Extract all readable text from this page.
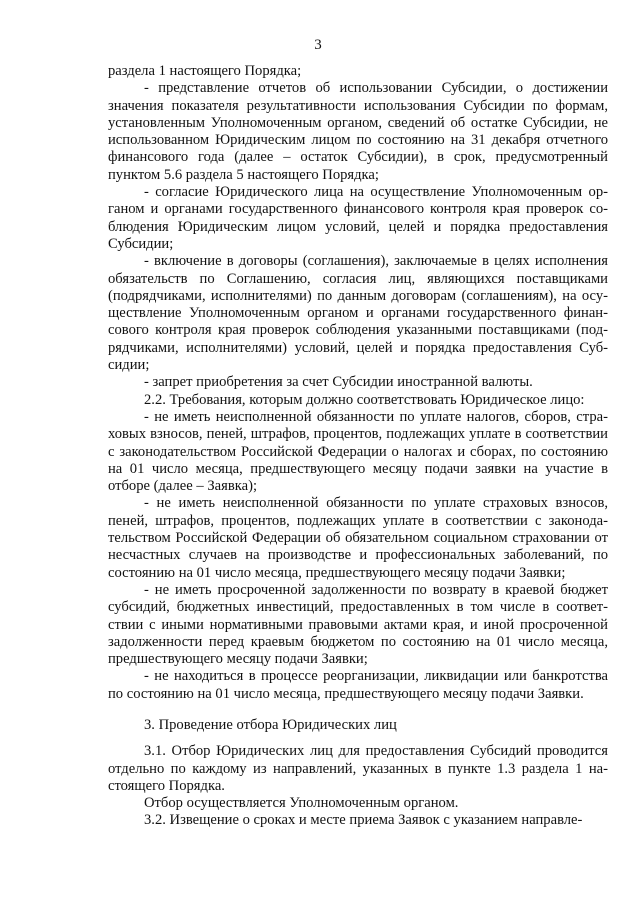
3

раздела 1 настоящего Порядка;

- представление отчетов об использовании Субсидии, о достижении значения показателя результативности использования Субсидии по формам, установленным Уполномоченным органом, сведений об остатке Субсидии, не использованном Юридическим лицом по состоянию на 31 декабря отчетного финансового года (далее – остаток Субсидии), в срок, предусмотренный пунктом 5.6 раздела 5 настоящего Порядка;

- согласие Юридического лица на осуществление Уполномоченным органом и органами государственного финансового контроля края проверок соблюдения Юридическим лицом условий, целей и порядка предоставления Субсидии;

- включение в договоры (соглашения), заключаемые в целях исполнения обязательств по Соглашению, согласия лиц, являющихся поставщиками (подрядчиками, исполнителями) по данным договорам (соглашениям), на осуществление Уполномоченным органом и органами государственного финансового контроля края проверок соблюдения указанными поставщиками (подрядчиками, исполнителями) условий, целей и порядка предоставления Субсидии;

- запрет приобретения за счет Субсидии иностранной валюты.

2.2. Требования, которым должно соответствовать Юридическое лицо:

- не иметь неисполненной обязанности по уплате налогов, сборов, страховых взносов, пеней, штрафов, процентов, подлежащих уплате в соответствии с законодательством Российской Федерации о налогах и сборах, по состоянию на 01 число месяца, предшествующего месяцу подачи заявки на участие в отборе (далее – Заявка);

- не иметь неисполненной обязанности по уплате страховых взносов, пеней, штрафов, процентов, подлежащих уплате в соответствии с законодательством Российской Федерации об обязательном социальном страховании от несчастных случаев на производстве и профессиональных заболеваний, по состоянию на 01 число месяца, предшествующего месяцу подачи Заявки;

- не иметь просроченной задолженности по возврату в краевой бюджет субсидий, бюджетных инвестиций, предоставленных в том числе в соответствии с иными нормативными правовыми актами края, и иной просроченной задолженности перед краевым бюджетом по состоянию на 01 число месяца, предшествующего месяцу подачи Заявки;

- не находиться в процессе реорганизации, ликвидации или банкротства по состоянию на 01 число месяца, предшествующего месяцу подачи Заявки.

3. Проведение отбора Юридических лиц

3.1. Отбор Юридических лиц для предоставления Субсидий проводится отдельно по каждому из направлений, указанных в пункте 1.3 раздела 1 настоящего Порядка.

Отбор осуществляется Уполномоченным органом.

3.2. Извещение о сроках и месте приема Заявок с указанием направле-
